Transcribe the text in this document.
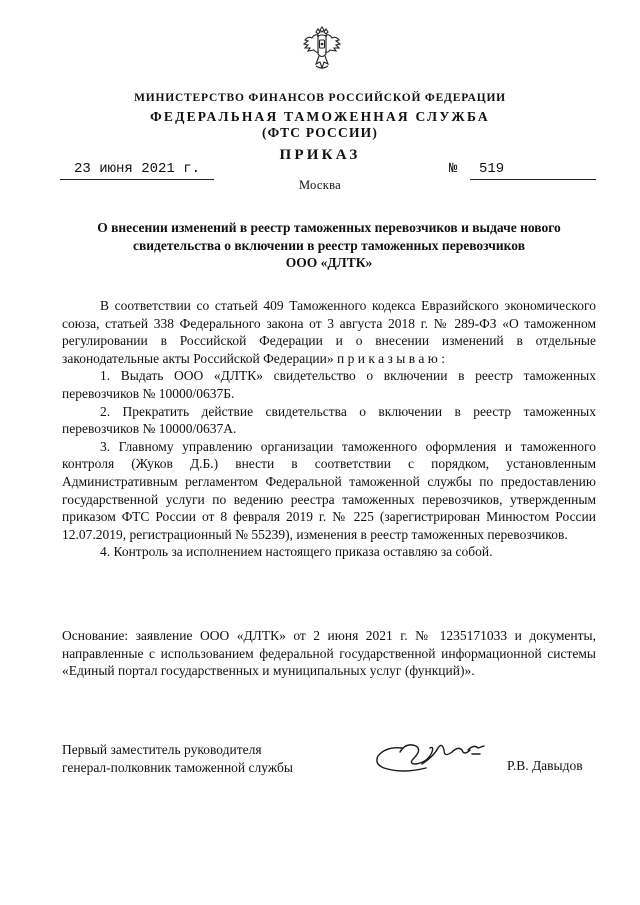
МИНИСТЕРСТВО ФИНАНСОВ РОССИЙСКОЙ ФЕДЕРАЦИИ
ФЕДЕРАЛЬНАЯ ТАМОЖЕННАЯ СЛУЖБА
(ФТС РОССИИ)
ПРИКАЗ
23 июня 2021 г.	№ 519
Москва
О внесении изменений в реестр таможенных перевозчиков и выдаче нового
свидетельства о включении в реестр таможенных перевозчиков
ООО «ДЛТК»

В соответствии со статьей 409 Таможенного кодекса Евразийского экономического союза, статьей 338 Федерального закона от 3 августа 2018 г. № 289-ФЗ «О таможенном регулировании в Российской Федерации и о внесении изменений в отдельные законодательные акты Российской Федерации» приказываю:

1. Выдать ООО «ДЛТК» свидетельство о включении в реестр таможенных перевозчиков № 10000/0637Б.

2. Прекратить действие свидетельства о включении в реестр таможенных перевозчиков № 10000/0637А.

3. Главному управлению организации таможенного оформления и таможенного контроля (Жуков Д.Б.) внести в соответствии с порядком, установленным Административным регламентом Федеральной таможенной службы по предоставлению государственной услуги по ведению реестра таможенных перевозчиков, утвержденным приказом ФТС России от 8 февраля 2019 г. № 225 (зарегистрирован Минюстом России 12.07.2019, регистрационный № 55239), изменения в реестр таможенных перевозчиков.

4. Контроль за исполнением настоящего приказа оставляю за собой.

Основание: заявление ООО «ДЛТК» от 2 июня 2021 г. № 1235171033 и документы, направленные с использованием федеральной государственной информационной системы «Единый портал государственных и муниципальных услуг (функций)».
Первый заместитель руководителя
генерал-полковник таможенной службы	Р.В. Давыдов
